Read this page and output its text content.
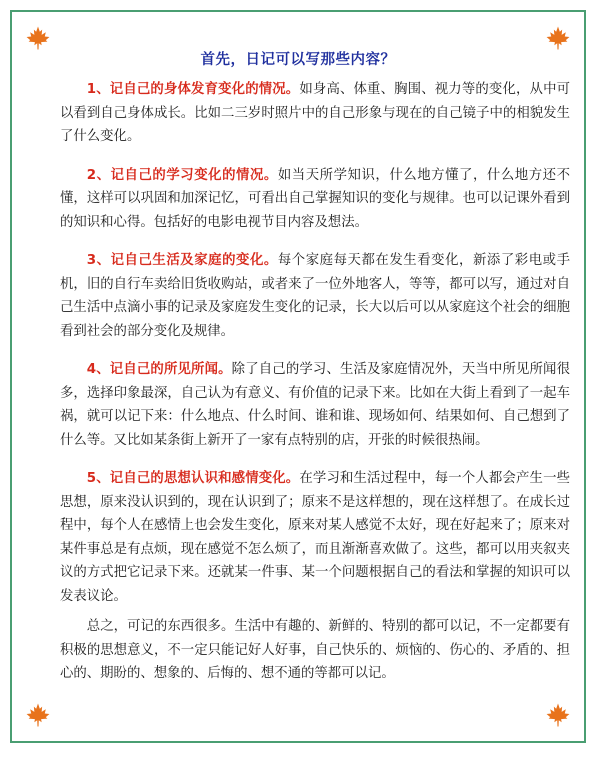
首先，日记可以写那些内容？

1、记自己的身体发育变化的情况。如身高、体重、胸围、视力等的变化，从中可以看到自己身体成长。比如二三岁时照片中的自己形象与现在的自己镜子中的相貌发生了什么变化。

2、记自己的学习变化的情况。如当天所学知识，什么地方懂了，什么地方还不懂，这样可以巩固和加深记忆，可看出自己掌握知识的变化与规律。也可以记课外看到的知识和心得。包括好的电影电视节目内容及想法。

3、记自己生活及家庭的变化。每个家庭每天都在发生看变化，新添了彩电或手机，旧的自行车卖给旧货收购站，或者来了一位外地客人，等等，都可以写，通过对自己生活中点滴小事的记录及家庭发生变化的记录，长大以后可以从家庭这个社会的细胞看到社会的部分变化及规律。

4、记自己的所见所闻。除了自己的学习、生活及家庭情况外，天当中所见所闻很多，选择印象最深，自己认为有意义、有价值的记录下来。比如在大街上看到了一起车祸，就可以记下来：什么地点、什么时间、谁和谁、现场如何、结果如何、自己想到了什么等。又比如某条街上新开了一家有点特别的店，开张的时候很热闹。

5、记自己的思想认识和感情变化。在学习和生活过程中，每一个人都会产生一些思想，原来没认识到的，现在认识到了；原来不是这样想的，现在这样想了。在成长过程中，每个人在感情上也会发生变化，原来对某人感觉不太好，现在好起来了；原来对某件事总是有点烦，现在感觉不怎么烦了，而且渐渐喜欢做了。这些，都可以用夹叙夹议的方式把它记录下来。还就某一件事、某一个问题根据自己的看法和掌握的知识可以发表议论。

总之，可记的东西很多。生活中有趣的、新鲜的、特别的都可以记，不一定都要有积极的思想意义，不一定只能记好人好事，自己快乐的、烦恼的、伤心的、矛盾的、担心的、期盼的、想象的、后悔的、想不通的等都可以记。
